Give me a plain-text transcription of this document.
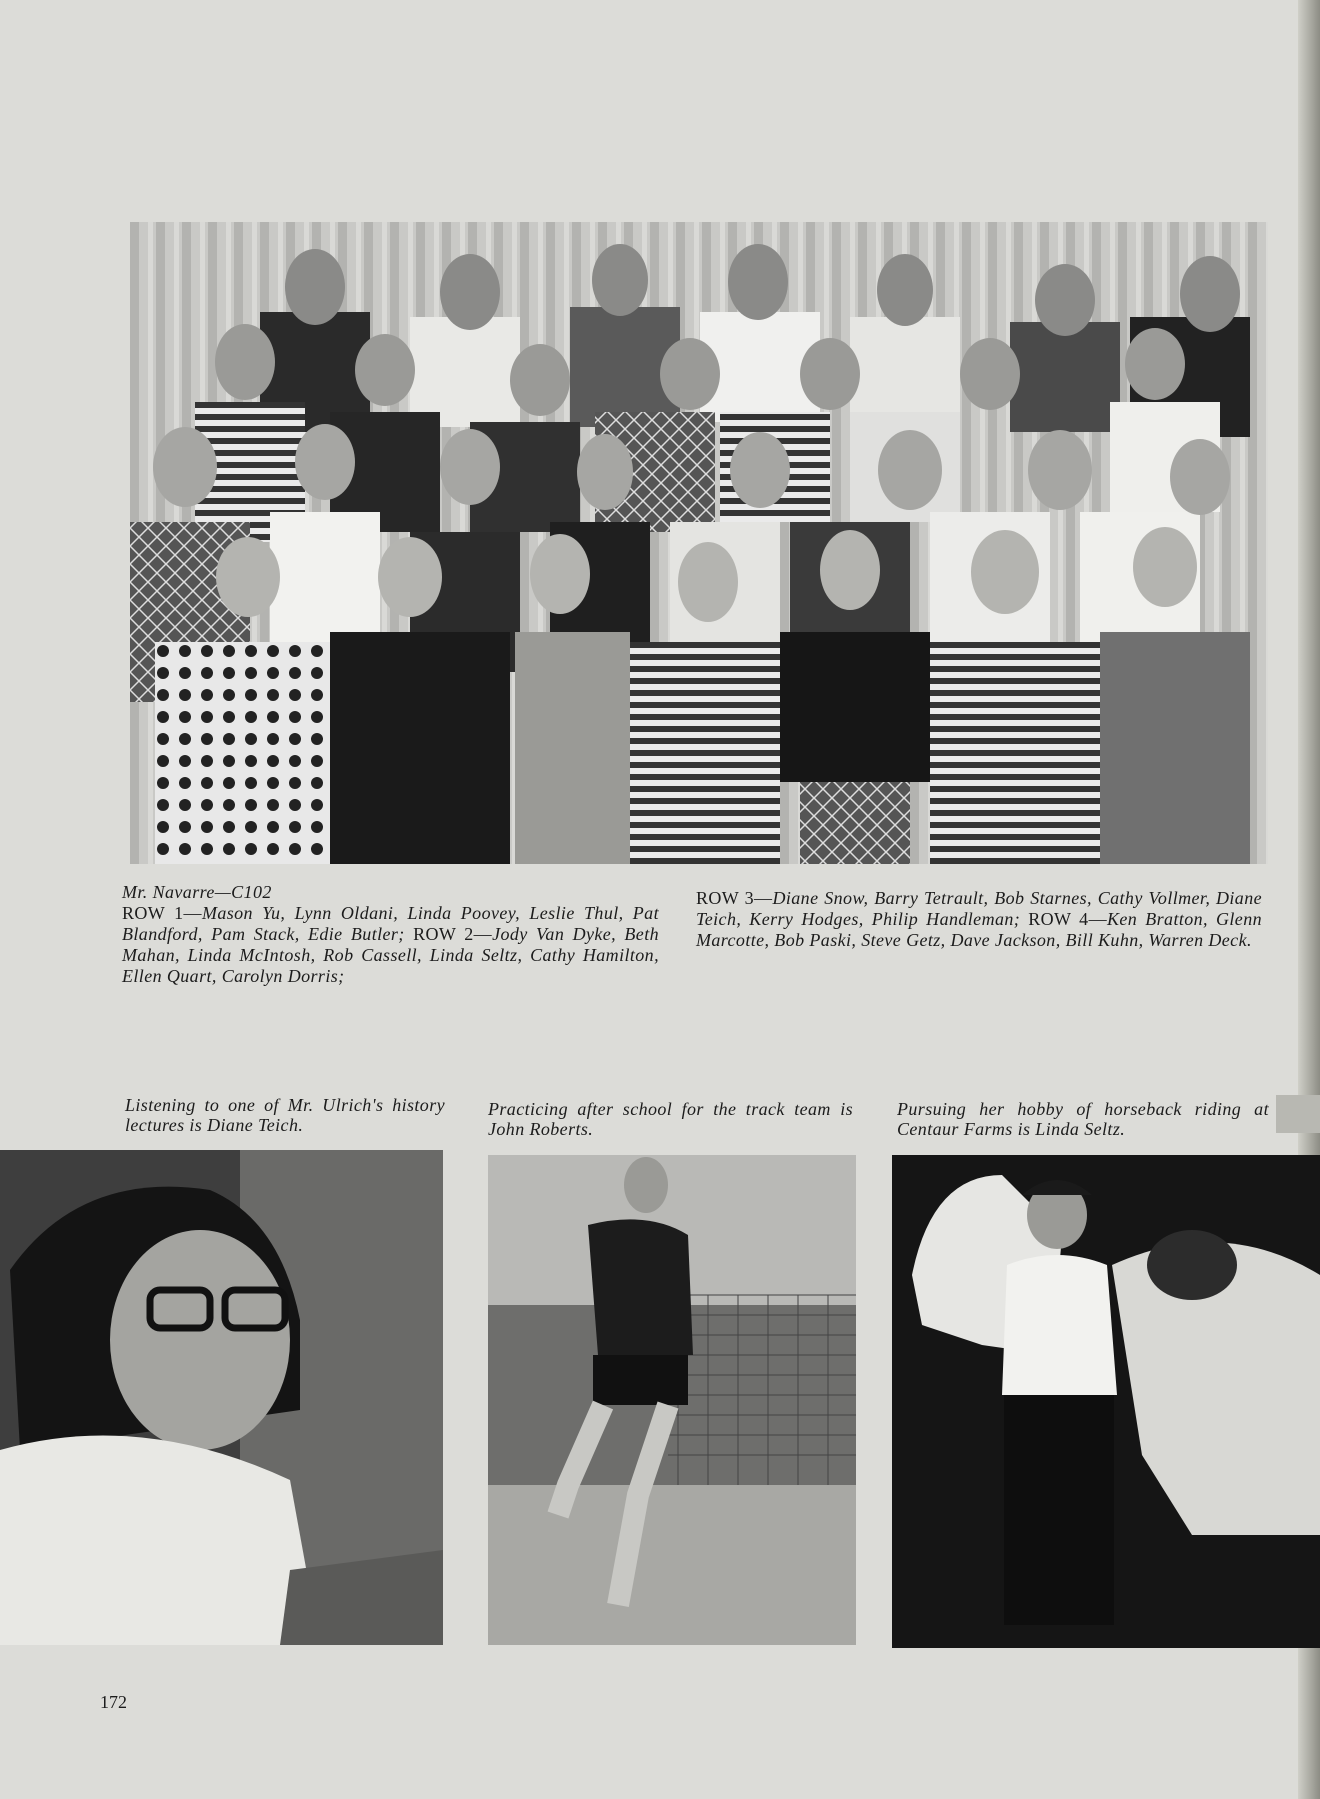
Mr. Navarre—C102
ROW 1—Mason Yu, Lynn Oldani, Linda Poovey, Leslie Thul, Pat Blandford, Pam Stack, Edie Butler; ROW 2—Jody Van Dyke, Beth Mahan, Linda McIntosh, Rob Cassell, Linda Seltz, Cathy Hamilton, Ellen Quart, Carolyn Dorris;
ROW 3—Diane Snow, Barry Tetrault, Bob Starnes, Cathy Vollmer, Diane Teich, Kerry Hodges, Philip Handleman; ROW 4—Ken Bratton, Glenn Marcotte, Bob Paski, Steve Getz, Dave Jackson, Bill Kuhn, Warren Deck.
Listening to one of Mr. Ulrich's history lectures is Diane Teich.
Practicing after school for the track team is John Roberts.
Pursuing her hobby of horseback riding at Centaur Farms is Linda Seltz.
172
